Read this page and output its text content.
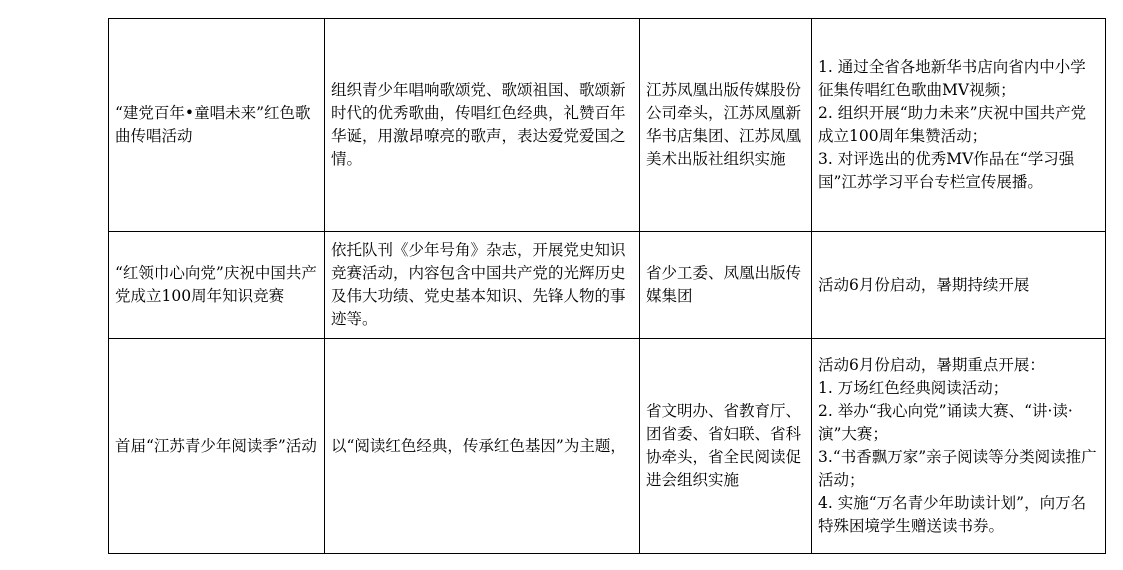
“建党百年•童唱未来”红色歌曲传唱活动	组织青少年唱响歌颂党、歌颂祖国、歌颂新时代的优秀歌曲，传唱红色经典，礼赞百年华诞，用激昂嘹亮的歌声，表达爱党爱国之情。	江苏凤凰出版传媒股份公司牵头，江苏凤凰新华书店集团、江苏凤凰美术出版社组织实施	1. 通过全省各地新华书店向省内中小学征集传唱红色歌曲MV视频；
2. 组织开展“助力未来”庆祝中国共产党成立100周年集赞活动；
3. 对评选出的优秀MV作品在“学习强国”江苏学习平台专栏宣传展播。

“红领巾心向党”庆祝中国共产党成立100周年知识竞赛	依托队刊《少年号角》杂志，开展党史知识竞赛活动，内容包含中国共产党的光辉历史及伟大功绩、党史基本知识、先锋人物的事迹等。	省少工委、凤凰出版传媒集团	活动6月份启动，暑期持续开展

首届“江苏青少年阅读季”活动	以“阅读红色经典，传承红色基因”为主题，	省文明办、省教育厅、团省委、省妇联、省科协牵头，省全民阅读促进会组织实施	活动6月份启动，暑期重点开展：
1. 万场红色经典阅读活动；
2. 举办“我心向党”诵读大赛、“讲·读·演”大赛；
3.“书香飘万家”亲子阅读等分类阅读推广活动；
4. 实施“万名青少年助读计划”，向万名特殊困境学生赠送读书券。
